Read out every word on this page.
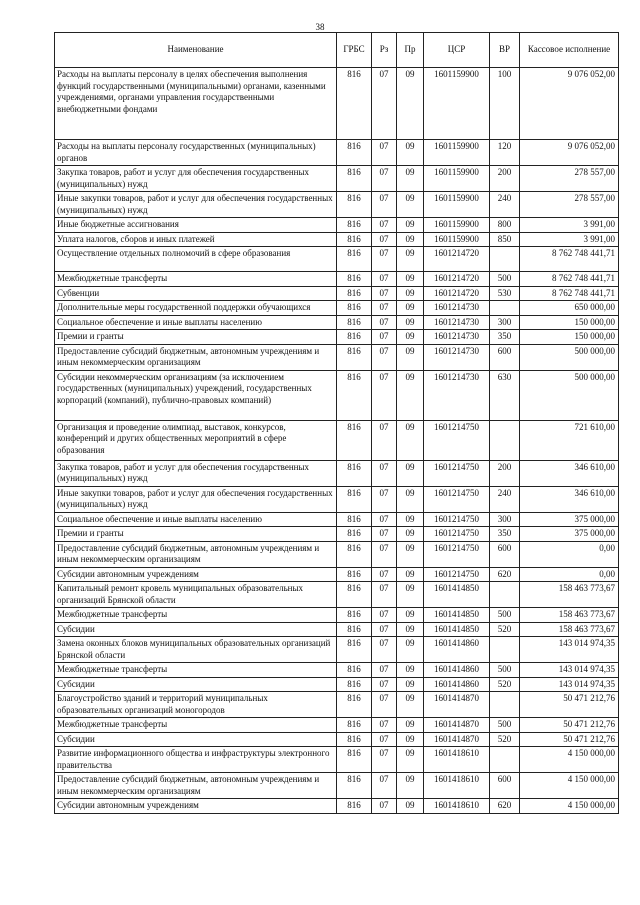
38
Наименование	ГРБС	Рз	Пр	ЦСР	ВР	Кассовое исполнение
Расходы на выплаты персоналу в целях обеспечения выполнения функций государственными (муниципальными) органами, казенными учреждениями, органами управления государственными внебюджетными фондами	816	07	09	1601159900	100	9 076 052,00
Расходы на выплаты персоналу государственных (муниципальных) органов	816	07	09	1601159900	120	9 076 052,00
Закупка товаров, работ и услуг для обеспечения государственных (муниципальных) нужд	816	07	09	1601159900	200	278 557,00
Иные закупки товаров, работ и услуг для обеспечения государственных (муниципальных) нужд	816	07	09	1601159900	240	278 557,00
Иные бюджетные ассигнования	816	07	09	1601159900	800	3 991,00
Уплата налогов, сборов и иных платежей	816	07	09	1601159900	850	3 991,00
Осуществление отдельных полномочий в сфере образования	816	07	09	1601214720		8 762 748 441,71
Межбюджетные трансферты	816	07	09	1601214720	500	8 762 748 441,71
Субвенции	816	07	09	1601214720	530	8 762 748 441,71
Дополнительные меры государственной поддержки обучающихся	816	07	09	1601214730		650 000,00
Социальное обеспечение и иные выплаты населению	816	07	09	1601214730	300	150 000,00
Премии и гранты	816	07	09	1601214730	350	150 000,00
Предоставление субсидий бюджетным, автономным учреждениям и иным некоммерческим организациям	816	07	09	1601214730	600	500 000,00
Субсидии некоммерческим организациям (за исключением государственных (муниципальных) учреждений, государственных корпораций (компаний), публично-правовых компаний)	816	07	09	1601214730	630	500 000,00
Организация и проведение олимпиад, выставок, конкурсов, конференций и других общественных мероприятий в сфере образования	816	07	09	1601214750		721 610,00
Закупка товаров, работ и услуг для обеспечения государственных (муниципальных) нужд	816	07	09	1601214750	200	346 610,00
Иные закупки товаров, работ и услуг для обеспечения государственных (муниципальных) нужд	816	07	09	1601214750	240	346 610,00
Социальное обеспечение и иные выплаты населению	816	07	09	1601214750	300	375 000,00
Премии и гранты	816	07	09	1601214750	350	375 000,00
Предоставление субсидий бюджетным, автономным учреждениям и иным некоммерческим организациям	816	07	09	1601214750	600	0,00
Субсидии автономным учреждениям	816	07	09	1601214750	620	0,00
Капитальный ремонт кровель муниципальных образовательных организаций Брянской области	816	07	09	1601414850		158 463 773,67
Межбюджетные трансферты	816	07	09	1601414850	500	158 463 773,67
Субсидии	816	07	09	1601414850	520	158 463 773,67
Замена оконных блоков муниципальных образовательных организаций Брянской области	816	07	09	1601414860		143 014 974,35
Межбюджетные трансферты	816	07	09	1601414860	500	143 014 974,35
Субсидии	816	07	09	1601414860	520	143 014 974,35
Благоустройство зданий и территорий муниципальных образовательных организаций моногородов	816	07	09	1601414870		50 471 212,76
Межбюджетные трансферты	816	07	09	1601414870	500	50 471 212,76
Субсидии	816	07	09	1601414870	520	50 471 212,76
Развитие информационного общества и инфраструктуры электронного правительства	816	07	09	1601418610		4 150 000,00
Предоставление субсидий бюджетным, автономным учреждениям и иным некоммерческим организациям	816	07	09	1601418610	600	4 150 000,00
Субсидии автономным учреждениям	816	07	09	1601418610	620	4 150 000,00
